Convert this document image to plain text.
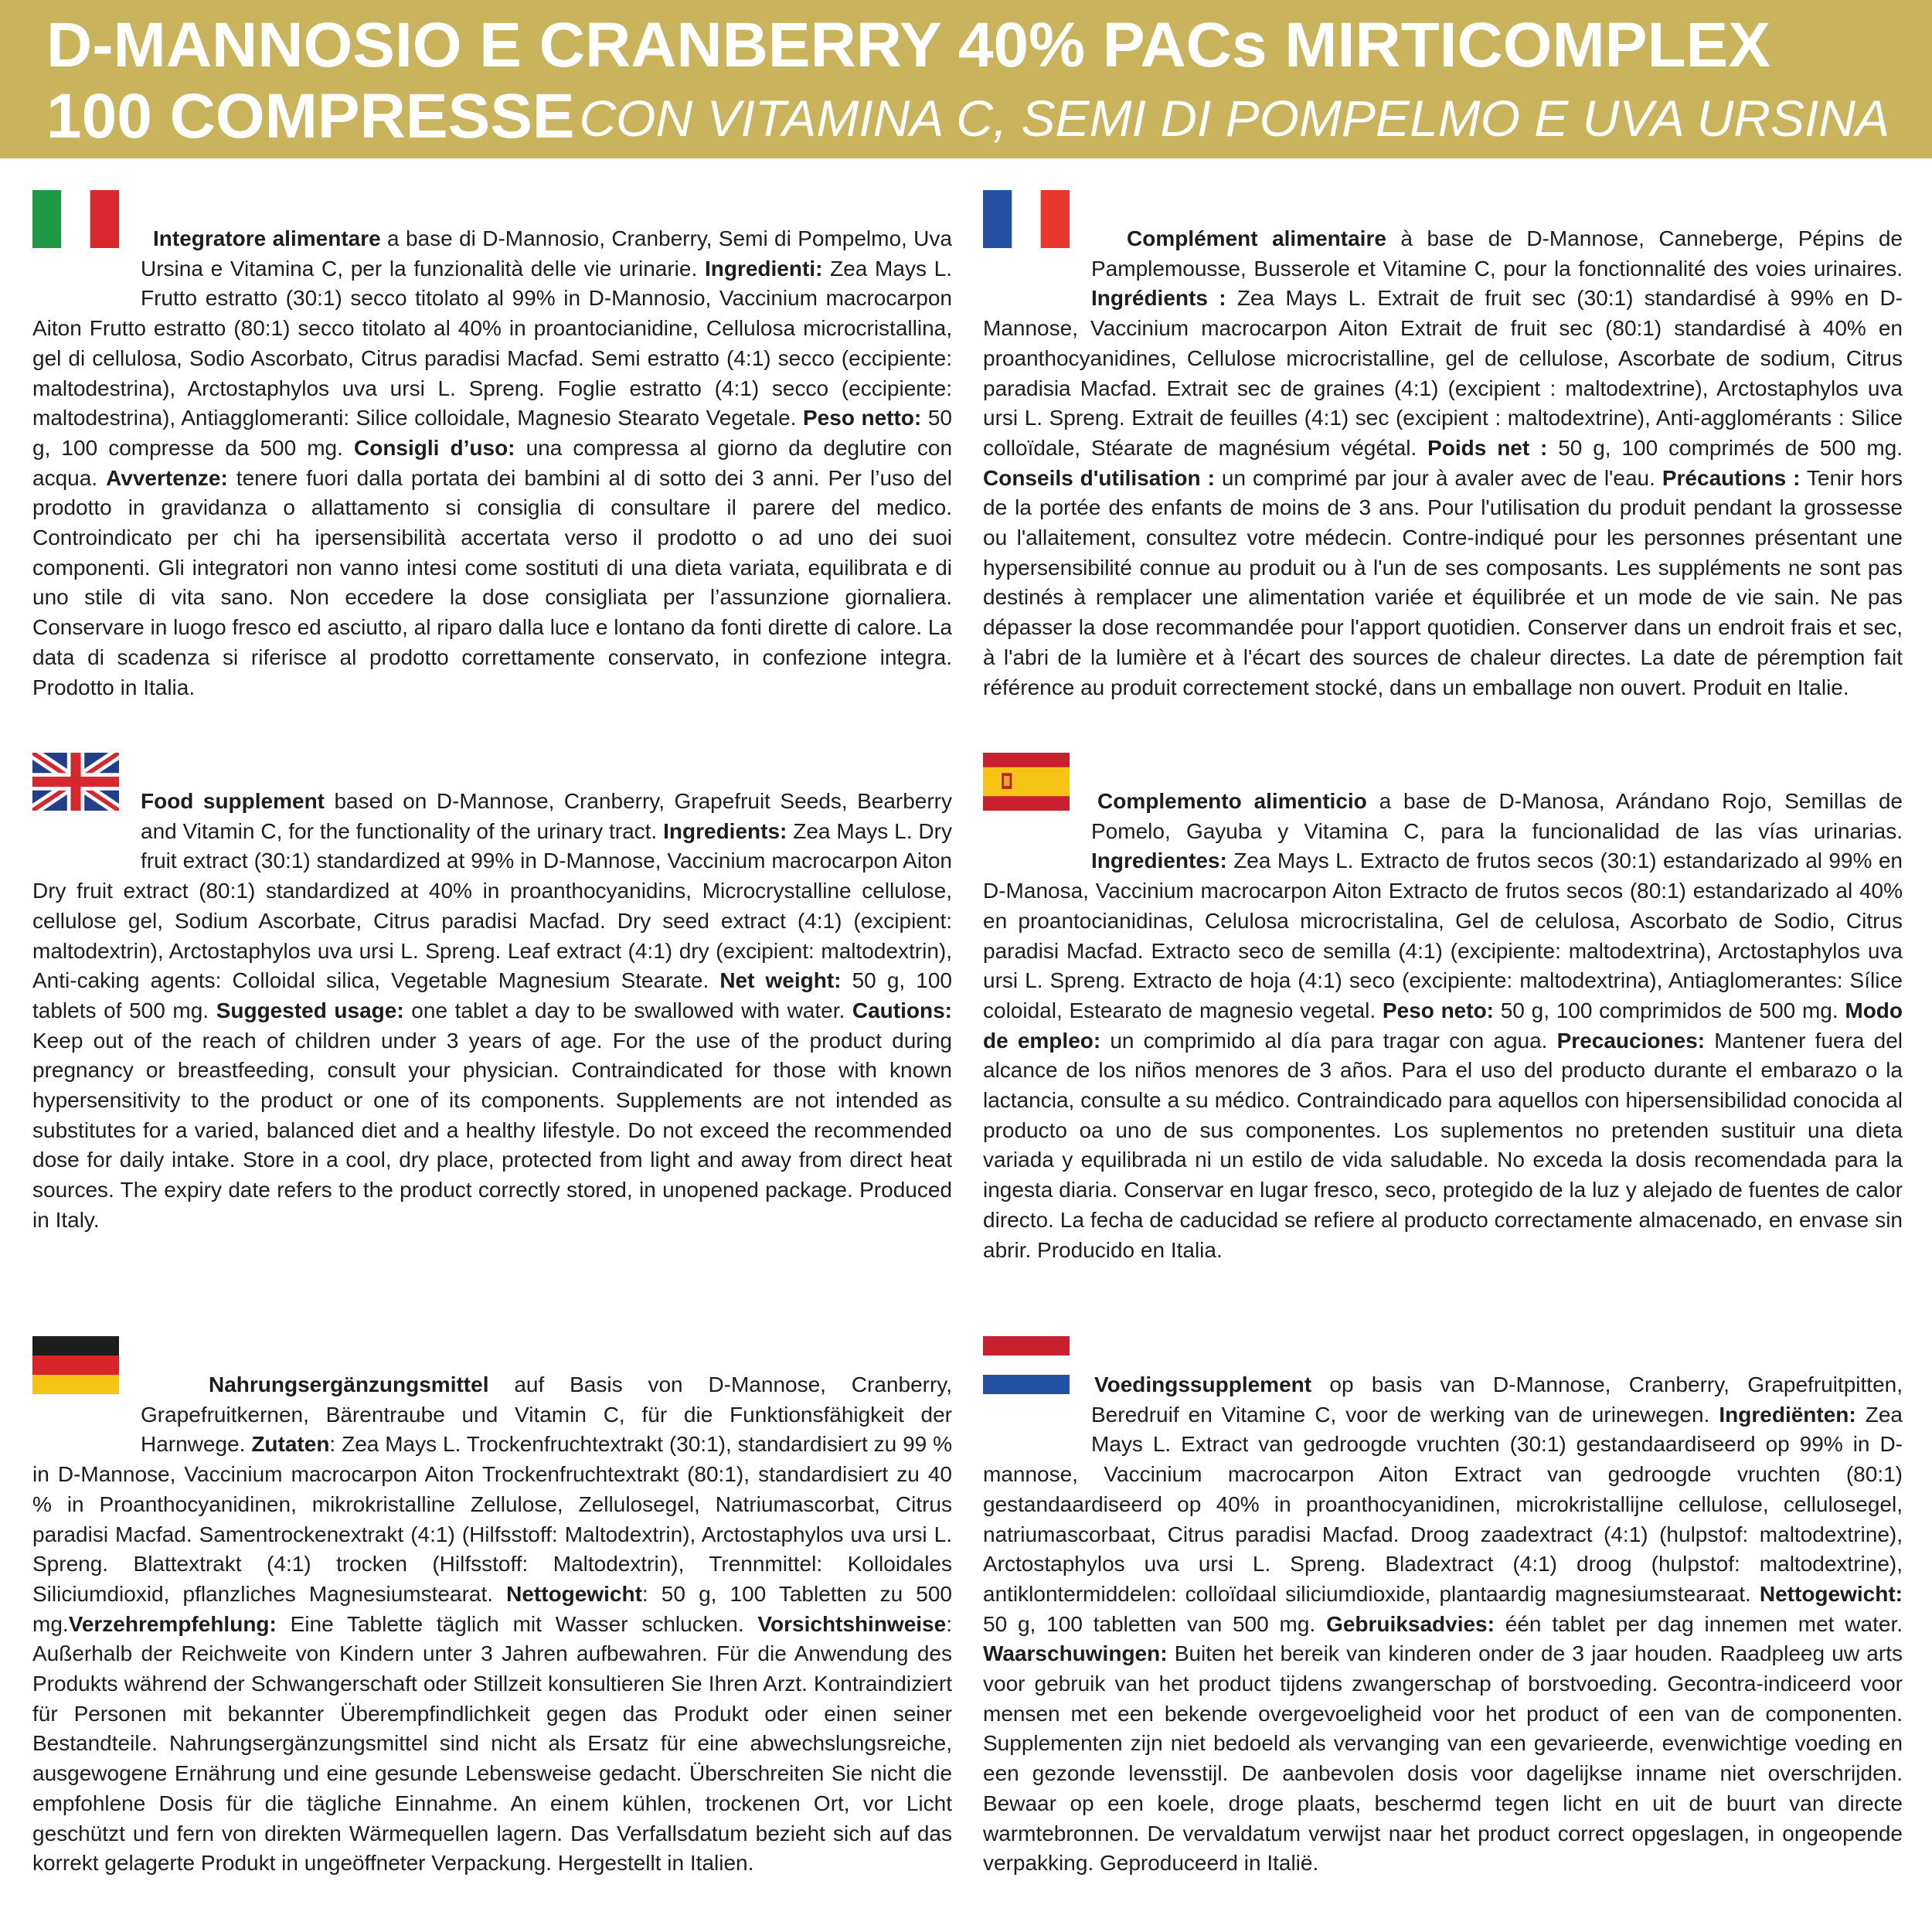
D-MANNOSIO E CRANBERRY 40% PACs MIRTICOMPLEX
100 COMPRESSE CON VITAMINA C, SEMI DI POMPELMO E UVA URSINA

Integratore alimentare a base di D-Mannosio, Cranberry, Semi di Pompelmo, Uva Ursina e Vitamina C, per la funzionalità delle vie urinarie. Ingredienti: Zea Mays L. Frutto estratto (30:1) secco titolato al 99% in D-Mannosio, Vaccinium macrocarpon Aiton Frutto estratto (80:1) secco titolato al 40% in proantocianidine, Cellulosa microcristallina, gel di cellulosa, Sodio Ascorbato, Citrus paradisi Macfad. Semi estratto (4:1) secco (eccipiente: maltodestrina), Arctostaphylos uva ursi L. Spreng. Foglie estratto (4:1) secco (eccipiente: maltodestrina), Antiagglomeranti: Silice colloidale, Magnesio Stearato Vegetale. Peso netto: 50 g, 100 compresse da 500 mg. Consigli d’uso: una compressa al giorno da deglutire con acqua. Avvertenze: tenere fuori dalla portata dei bambini al di sotto dei 3 anni. Per l’uso del prodotto in gravidanza o allattamento si consiglia di consultare il parere del medico. Controindicato per chi ha ipersensibilità accertata verso il prodotto o ad uno dei suoi componenti. Gli integratori non vanno intesi come sostituti di una dieta variata, equilibrata e di uno stile di vita sano. Non eccedere la dose consigliata per l’assunzione giornaliera. Conservare in luogo fresco ed asciutto, al riparo dalla luce e lontano da fonti dirette di calore. La data di scadenza si riferisce al prodotto correttamente conservato, in confezione integra. Prodotto in Italia.

Complément alimentaire à base de D-Mannose, Canneberge, Pépins de Pamplemousse, Busserole et Vitamine C, pour la fonctionnalité des voies urinaires. Ingrédients : Zea Mays L. Extrait de fruit sec (30:1) standardisé à 99% en D-Mannose, Vaccinium macrocarpon Aiton Extrait de fruit sec (80:1) standardisé à 40% en proanthocyanidines, Cellulose microcristalline, gel de cellulose, Ascorbate de sodium, Citrus paradisia Macfad. Extrait sec de graines (4:1) (excipient : maltodextrine), Arctostaphylos uva ursi L. Spreng. Extrait de feuilles (4:1) sec (excipient : maltodextrine), Anti-agglomérants : Silice colloïdale, Stéarate de magnésium végétal. Poids net : 50 g, 100 comprimés de 500 mg. Conseils d'utilisation : un comprimé par jour à avaler avec de l'eau. Précautions : Tenir hors de la portée des enfants de moins de 3 ans. Pour l'utilisation du produit pendant la grossesse ou l'allaitement, consultez votre médecin. Contre-indiqué pour les personnes présentant une hypersensibilité connue au produit ou à l'un de ses composants. Les suppléments ne sont pas destinés à remplacer une alimentation variée et équilibrée et un mode de vie sain. Ne pas dépasser la dose recommandée pour l'apport quotidien. Conserver dans un endroit frais et sec, à l'abri de la lumière et à l'écart des sources de chaleur directes. La date de péremption fait référence au produit correctement stocké, dans un emballage non ouvert. Produit en Italie.

Food supplement based on D-Mannose, Cranberry, Grapefruit Seeds, Bearberry and Vitamin C, for the functionality of the urinary tract. Ingredients: Zea Mays L. Dry fruit extract (30:1) standardized at 99% in D-Mannose, Vaccinium macrocarpon Aiton Dry fruit extract (80:1) standardized at 40% in proanthocyanidins, Microcrystalline cellulose, cellulose gel, Sodium Ascorbate, Citrus paradisi Macfad. Dry seed extract (4:1) (excipient: maltodextrin), Arctostaphylos uva ursi L. Spreng. Leaf extract (4:1) dry (excipient: maltodextrin), Anti-caking agents: Colloidal silica, Vegetable Magnesium Stearate. Net weight: 50 g, 100 tablets of 500 mg. Suggested usage: one tablet a day to be swallowed with water. Cautions: Keep out of the reach of children under 3 years of age. For the use of the product during pregnancy or breastfeeding, consult your physician. Contraindicated for those with known hypersensitivity to the product or one of its components. Supplements are not intended as substitutes for a varied, balanced diet and a healthy lifestyle. Do not exceed the recommended dose for daily intake. Store in a cool, dry place, protected from light and away from direct heat sources. The expiry date refers to the product correctly stored, in unopened package. Produced in Italy.

Complemento alimenticio a base de D-Manosa, Arándano Rojo, Semillas de Pomelo, Gayuba y Vitamina C, para la funcionalidad de las vías urinarias. Ingredientes: Zea Mays L. Extracto de frutos secos (30:1) estandarizado al 99% en D-Manosa, Vaccinium macrocarpon Aiton Extracto de frutos secos (80:1) estandarizado al 40% en proantocianidinas, Celulosa microcristalina, Gel de celulosa, Ascorbato de Sodio, Citrus paradisi Macfad. Extracto seco de semilla (4:1) (excipiente: maltodextrina), Arctostaphylos uva ursi L. Spreng. Extracto de hoja (4:1) seco (excipiente: maltodextrina), Antiaglomerantes: Sílice coloidal, Estearato de magnesio vegetal. Peso neto: 50 g, 100 comprimidos de 500 mg. Modo de empleo: un comprimido al día para tragar con agua. Precauciones: Mantener fuera del alcance de los niños menores de 3 años. Para el uso del producto durante el embarazo o la lactancia, consulte a su médico. Contraindicado para aquellos con hipersensibilidad conocida al producto oa uno de sus componentes. Los suplementos no pretenden sustituir una dieta variada y equilibrada ni un estilo de vida saludable. No exceda la dosis recomendada para la ingesta diaria. Conservar en lugar fresco, seco, protegido de la luz y alejado de fuentes de calor directo. La fecha de caducidad se refiere al producto correctamente almacenado, en envase sin abrir. Producido en Italia.

Nahrungsergänzungsmittel auf Basis von D-Mannose, Cranberry, Grapefruitkernen, Bärentraube und Vitamin C, für die Funktionsfähigkeit der Harnwege. Zutaten: Zea Mays L. Trockenfruchtextrakt (30:1), standardisiert zu 99 % in D-Mannose, Vaccinium macrocarpon Aiton Trockenfruchtextrakt (80:1), standardisiert zu 40 % in Proanthocyanidinen, mikrokristalline Zellulose, Zellulosegel, Natriumascorbat, Citrus paradisi Macfad. Samentrockenextrakt (4:1) (Hilfsstoff: Maltodextrin), Arctostaphylos uva ursi L. Spreng. Blattextrakt (4:1) trocken (Hilfsstoff: Maltodextrin), Trennmittel: Kolloidales Siliciumdioxid, pflanzliches Magnesiumstearat. Nettogewicht: 50 g, 100 Tabletten zu 500 mg.Verzehrempfehlung: Eine Tablette täglich mit Wasser schlucken. Vorsichtshinweise: Außerhalb der Reichweite von Kindern unter 3 Jahren aufbewahren. Für die Anwendung des Produkts während der Schwangerschaft oder Stillzeit konsultieren Sie Ihren Arzt. Kontraindiziert für Personen mit bekannter Überempfindlichkeit gegen das Produkt oder einen seiner Bestandteile. Nahrungsergänzungsmittel sind nicht als Ersatz für eine abwechslungsreiche, ausgewogene Ernährung und eine gesunde Lebensweise gedacht. Überschreiten Sie nicht die empfohlene Dosis für die tägliche Einnahme. An einem kühlen, trockenen Ort, vor Licht geschützt und fern von direkten Wärmequellen lagern. Das Verfallsdatum bezieht sich auf das korrekt gelagerte Produkt in ungeöffneter Verpackung. Hergestellt in Italien.

Voedingssupplement op basis van D-Mannose, Cranberry, Grapefruitpitten, Beredruif en Vitamine C, voor de werking van de urinewegen. Ingrediënten: Zea Mays L. Extract van gedroogde vruchten (30:1) gestandaardiseerd op 99% in D-mannose, Vaccinium macrocarpon Aiton Extract van gedroogde vruchten (80:1) gestandaardiseerd op 40% in proanthocyanidinen, microkristallijne cellulose, cellulosegel, natriumascorbaat, Citrus paradisi Macfad. Droog zaadextract (4:1) (hulpstof: maltodextrine), Arctostaphylos uva ursi L. Spreng. Bladextract (4:1) droog (hulpstof: maltodextrine), antiklontermiddelen: colloïdaal siliciumdioxide, plantaardig magnesiumstearaat. Nettogewicht: 50 g, 100 tabletten van 500 mg. Gebruiksadvies: één tablet per dag innemen met water. Waarschuwingen: Buiten het bereik van kinderen onder de 3 jaar houden. Raadpleeg uw arts voor gebruik van het product tijdens zwangerschap of borstvoeding. Gecontra-indiceerd voor mensen met een bekende overgevoeligheid voor het product of een van de componenten. Supplementen zijn niet bedoeld als vervanging van een gevarieerde, evenwichtige voeding en een gezonde levensstijl. De aanbevolen dosis voor dagelijkse inname niet overschrijden. Bewaar op een koele, droge plaats, beschermd tegen licht en uit de buurt van directe warmtebronnen. De vervaldatum verwijst naar het product correct opgeslagen, in ongeopende verpakking. Geproduceerd in Italië.
